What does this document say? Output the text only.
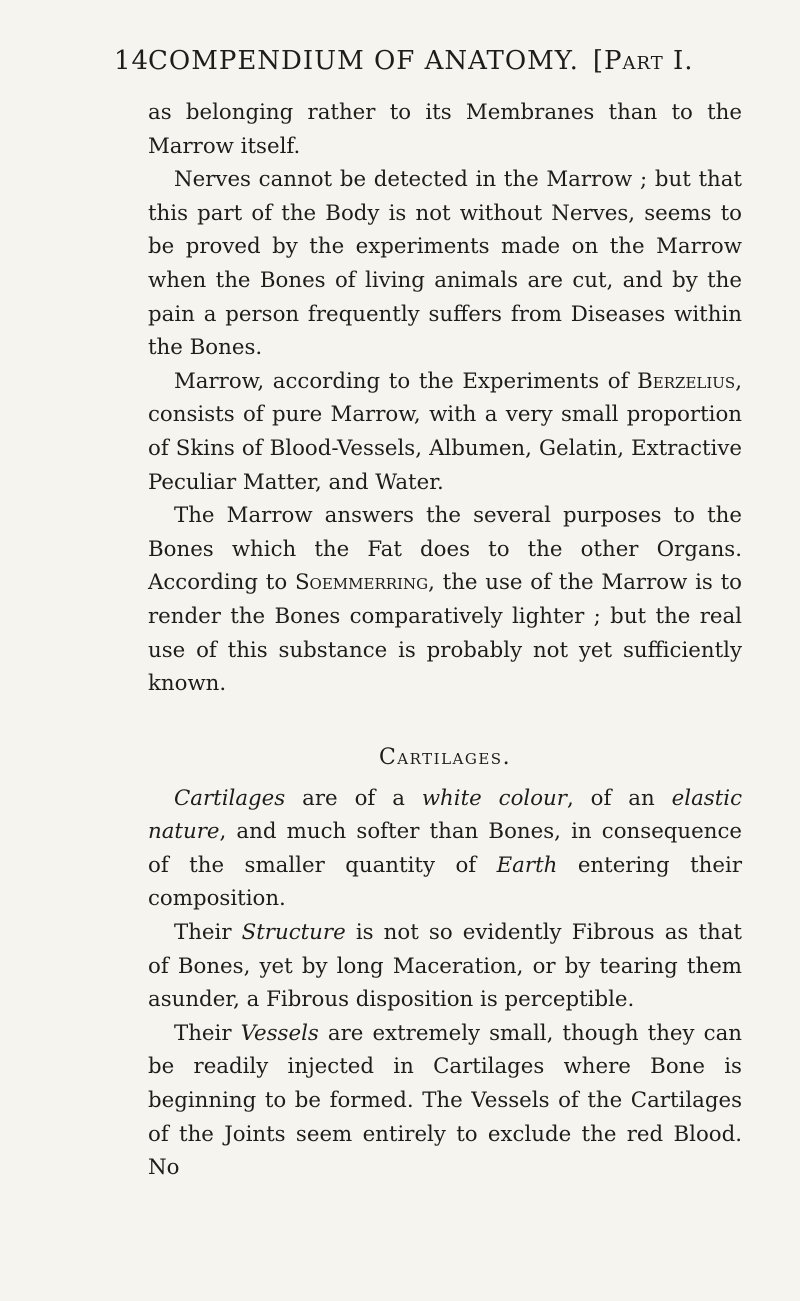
14
COMPENDIUM OF ANATOMY. [Part I.

as belonging rather to its Membranes than to the Marrow itself.

Nerves cannot be detected in the Marrow ; but that this part of the Body is not without Nerves, seems to be proved by the experiments made on the Marrow when the Bones of living animals are cut, and by the pain a person frequently suffers from Diseases within the Bones.

Marrow, according to the Experiments of Berzelius, consists of pure Marrow, with a very small proportion of Skins of Blood-Vessels, Albumen, Gelatin, Extractive Peculiar Matter, and Water.

The Marrow answers the several purposes to the Bones which the Fat does to the other Organs. According to Soemmerring, the use of the Marrow is to render the Bones comparatively lighter ; but the real use of this substance is probably not yet sufficiently known.

Cartilages.

Cartilages are of a white colour, of an elastic nature, and much softer than Bones, in consequence of the smaller quantity of Earth entering their composition.

Their Structure is not so evidently Fibrous as that of Bones, yet by long Maceration, or by tearing them asunder, a Fibrous disposition is perceptible.

Their Vessels are extremely small, though they can be readily injected in Cartilages where Bone is beginning to be formed. The Vessels of the Cartilages of the Joints seem entirely to exclude the red Blood. No
